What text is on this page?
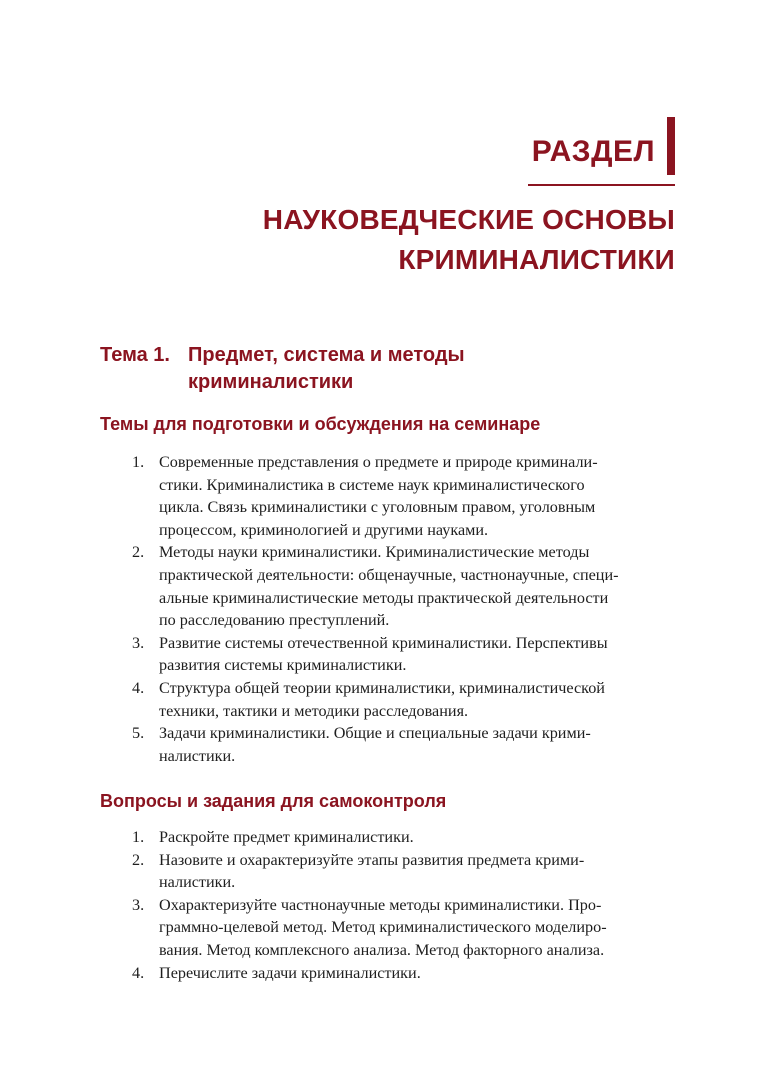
РАЗДЕЛ
НАУКОВЕДЧЕСКИЕ ОСНОВЫ
КРИМИНАЛИСТИКИ
Тема 1. Предмет, система и методы
криминалистики
Темы для подготовки и обсуждения на семинаре
1. Современные представления о предмете и природе криминали-
стики. Криминалистика в системе наук криминалистического
цикла. Связь криминалистики с уголовным правом, уголовным
процессом, криминологией и другими науками.
2. Методы науки криминалистики. Криминалистические методы
практической деятельности: общенаучные, частнонаучные, специ-
альные криминалистические методы практической деятельности
по расследованию преступлений.
3. Развитие системы отечественной криминалистики. Перспективы
развития системы криминалистики.
4. Структура общей теории криминалистики, криминалистической
техники, тактики и методики расследования.
5. Задачи криминалистики. Общие и специальные задачи крими-
налистики.
Вопросы и задания для самоконтроля
1. Раскройте предмет криминалистики.
2. Назовите и охарактеризуйте этапы развития предмета крими-
налистики.
3. Охарактеризуйте частнонаучные методы криминалистики. Про-
граммно-целевой метод. Метод криминалистического моделиро-
вания. Метод комплексного анализа. Метод факторного анализа.
4. Перечислите задачи криминалистики.
